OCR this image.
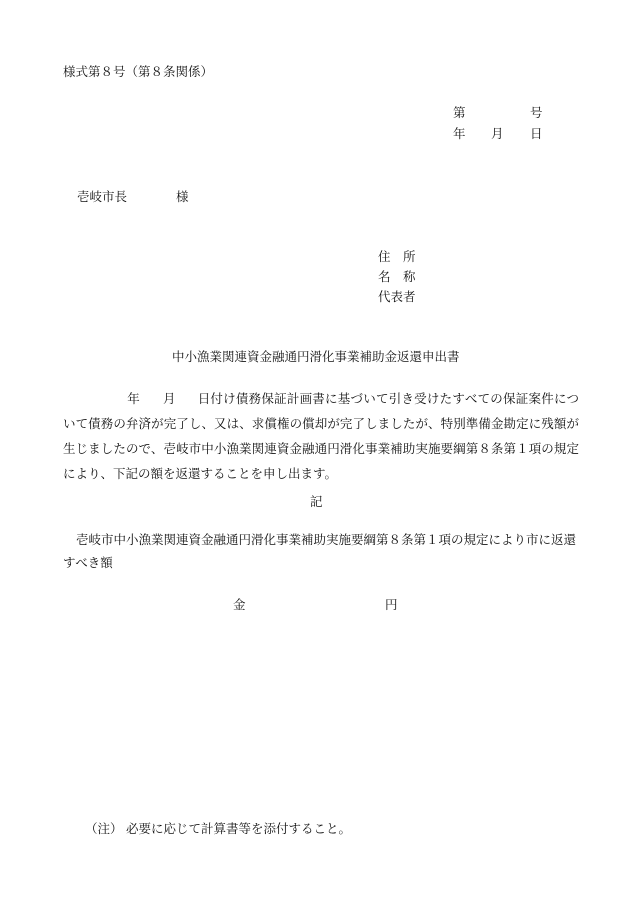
様式第８号（第８条関係）
第	号
年 月 日
壱岐市長	様
住　所
名　称
代表者
中小漁業関連資金融通円滑化事業補助金返還申出書
年 月 日付け債務保証計画書に基づいて引き受けたすべての保証案件について債務の弁済が完了し、又は、求償権の償却が完了しましたが、特別準備金勘定に残額が生じましたので、壱岐市中小漁業関連資金融通円滑化事業補助実施要綱第８条第１項の規定により、下記の額を返還することを申し出ます。
記
壱岐市中小漁業関連資金融通円滑化事業補助実施要綱第８条第１項の規定により市に返還すべき額
金	円
（注） 必要に応じて計算書等を添付すること。
